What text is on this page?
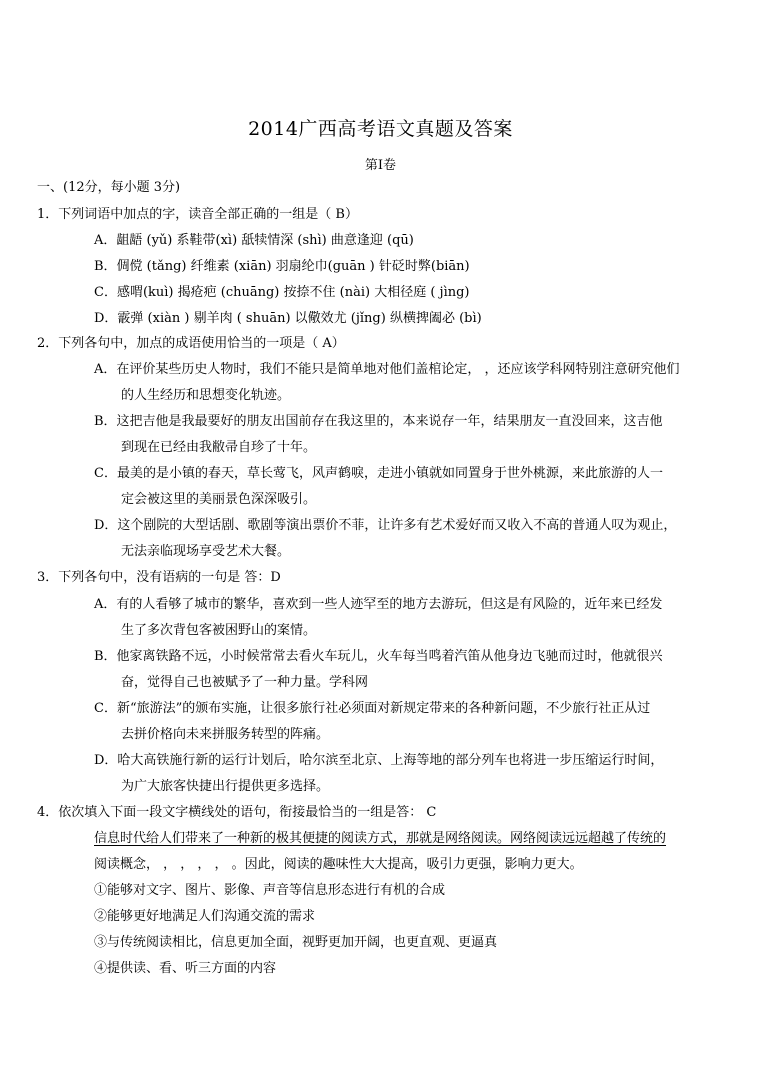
2014广西高考语文真题及答案
第Ⅰ卷
一、(12分，每小题 3分)
1．下列词语中加点的字，读音全部正确的一组是（ B）
A．龃龉 (yǔ) 系鞋带(xì) 舐犊情深 (shì) 曲意逢迎 (qū)
B．倜傥 (tǎng) 纤维素 (xiān) 羽扇纶巾(guān ) 针砭时弊(biān)
C．感喟(kuì) 揭疮疤 (chuāng) 按捺不住 (nài) 大相径庭 ( jìng)
D．霰弹 (xiàn ) 剔羊肉 ( shuān) 以儆效尤 (jǐng) 纵横捭阖必 (bì)
2．下列各句中，加点的成语使用恰当的一项是（ A）
A．在评价某些历史人物时，我们不能只是简单地对他们盖棺论定， ，还应该学科网特别注意研究他们
的人生经历和思想变化轨迹。
B．这把吉他是我最要好的朋友出国前存在我这里的，本来说存一年，结果朋友一直没回来，这吉他
到现在已经由我敝帚自珍了十年。
C．最美的是小镇的春天，草长莺飞，风声鹤唳，走进小镇就如同置身于世外桃源，来此旅游的人一
定会被这里的美丽景色深深吸引。
D．这个剧院的大型话剧、歌剧等演出票价不菲，让许多有艺术爱好而又收入不高的普通人叹为观止，
无法亲临现场享受艺术大餐。
3．下列各句中，没有语病的一句是 答：D
A．有的人看够了城市的繁华，喜欢到一些人迹罕至的地方去游玩，但这是有风险的，近年来已经发
生了多次背包客被困野山的案情。
B．他家离铁路不远，小时候常常去看火车玩儿，火车每当鸣着汽笛从他身边飞驰而过时，他就很兴
奋，觉得自己也被赋予了一种力量。学科网
C．新“旅游法”的颁布实施，让很多旅行社必须面对新规定带来的各种新问题，不少旅行社正从过
去拼价格向未来拼服务转型的阵痛。
D．哈大高铁施行新的运行计划后，哈尔滨至北京、上海等地的部分列车也将进一步压缩运行时间，
为广大旅客快捷出行提供更多选择。
4．依次填入下面一段文字横线处的语句，衔接最恰当的一组是答： C
信息时代给人们带来了一种新的极其便捷的阅读方式，那就是网络阅读。网络阅读远远超越了传统的
阅读概念， ， ， ， ， 。因此，阅读的趣味性大大提高，吸引力更强，影响力更大。
①能够对文字、图片、影像、声音等信息形态进行有机的合成
②能够更好地满足人们沟通交流的需求
③与传统阅读相比，信息更加全面，视野更加开阔，也更直观、更逼真
④提供读、看、听三方面的内容
